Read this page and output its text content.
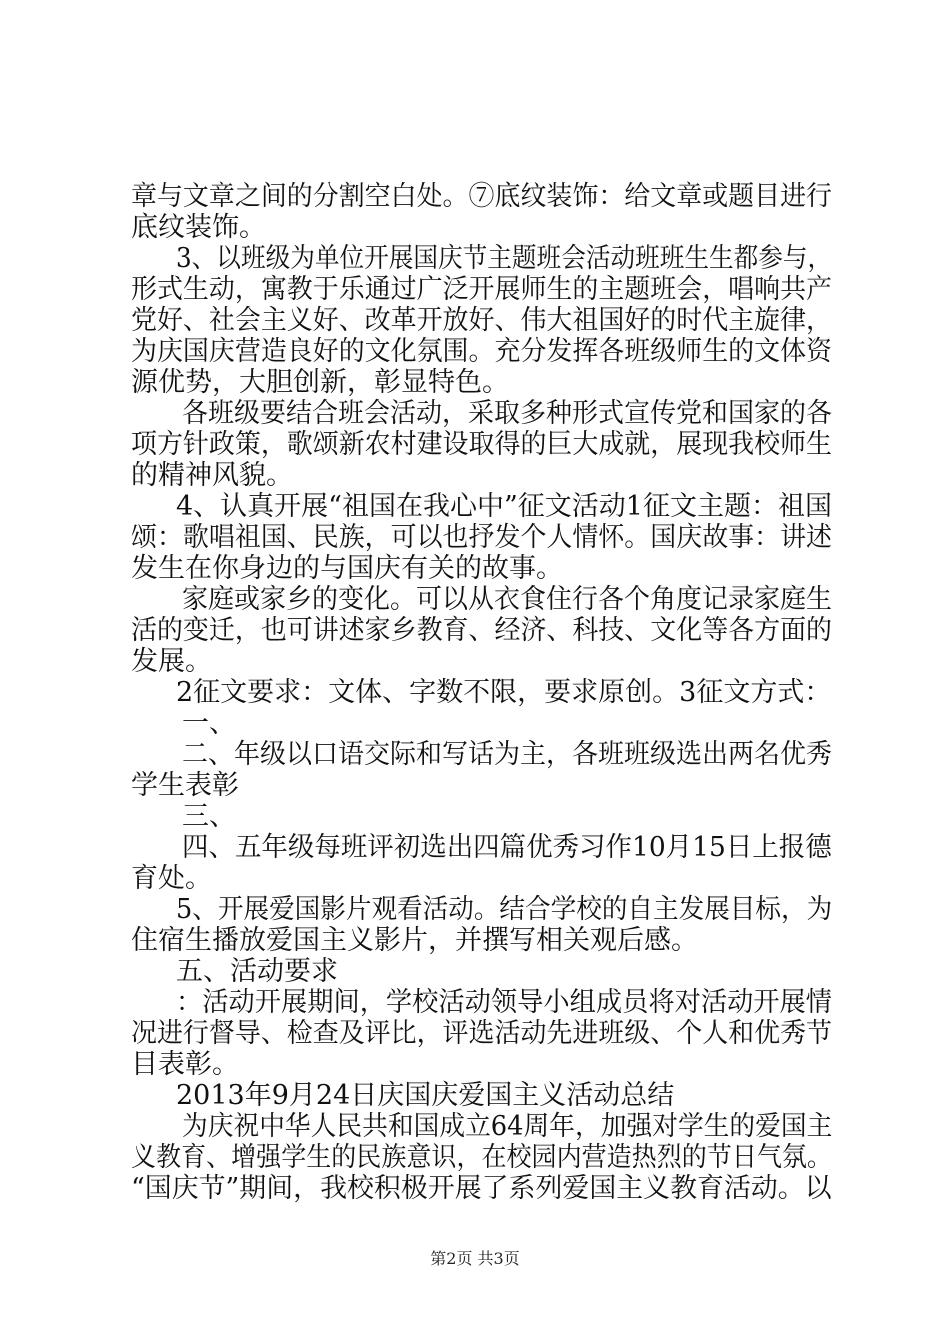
章与文章之间的分割空白处。⑦底纹装饰：给文章或题目进行
底纹装饰。
3、以班级为单位开展国庆节主题班会活动班班生生都参与，
形式生动，寓教于乐通过广泛开展师生的主题班会，唱响共产
党好、社会主义好、改革开放好、伟大祖国好的时代主旋律，
为庆国庆营造良好的文化氛围。充分发挥各班级师生的文体资
源优势，大胆创新，彰显特色。
各班级要结合班会活动，采取多种形式宣传党和国家的各
项方针政策，歌颂新农村建设取得的巨大成就，展现我校师生
的精神风貌。
4、认真开展“祖国在我心中”征文活动1征文主题：祖国
颂：歌唱祖国、民族，可以也抒发个人情怀。国庆故事：讲述
发生在你身边的与国庆有关的故事。
家庭或家乡的变化。可以从衣食住行各个角度记录家庭生
活的变迁，也可讲述家乡教育、经济、科技、文化等各方面的
发展。
2征文要求：文体、字数不限，要求原创。3征文方式：
一、
二、年级以口语交际和写话为主，各班班级选出两名优秀
学生表彰
三、
四、五年级每班评初选出四篇优秀习作10月15日上报德
育处。
5、开展爱国影片观看活动。结合学校的自主发展目标，为
住宿生播放爱国主义影片，并撰写相关观后感。
五、活动要求
：活动开展期间，学校活动领导小组成员将对活动开展情
况进行督导、检查及评比，评选活动先进班级、个人和优秀节
目表彰。
2013年9月24日庆国庆爱国主义活动总结
为庆祝中华人民共和国成立64周年，加强对学生的爱国主
义教育、增强学生的民族意识，在校园内营造热烈的节日气氛。
“国庆节”期间，我校积极开展了系列爱国主义教育活动。以
第2页 共3页
